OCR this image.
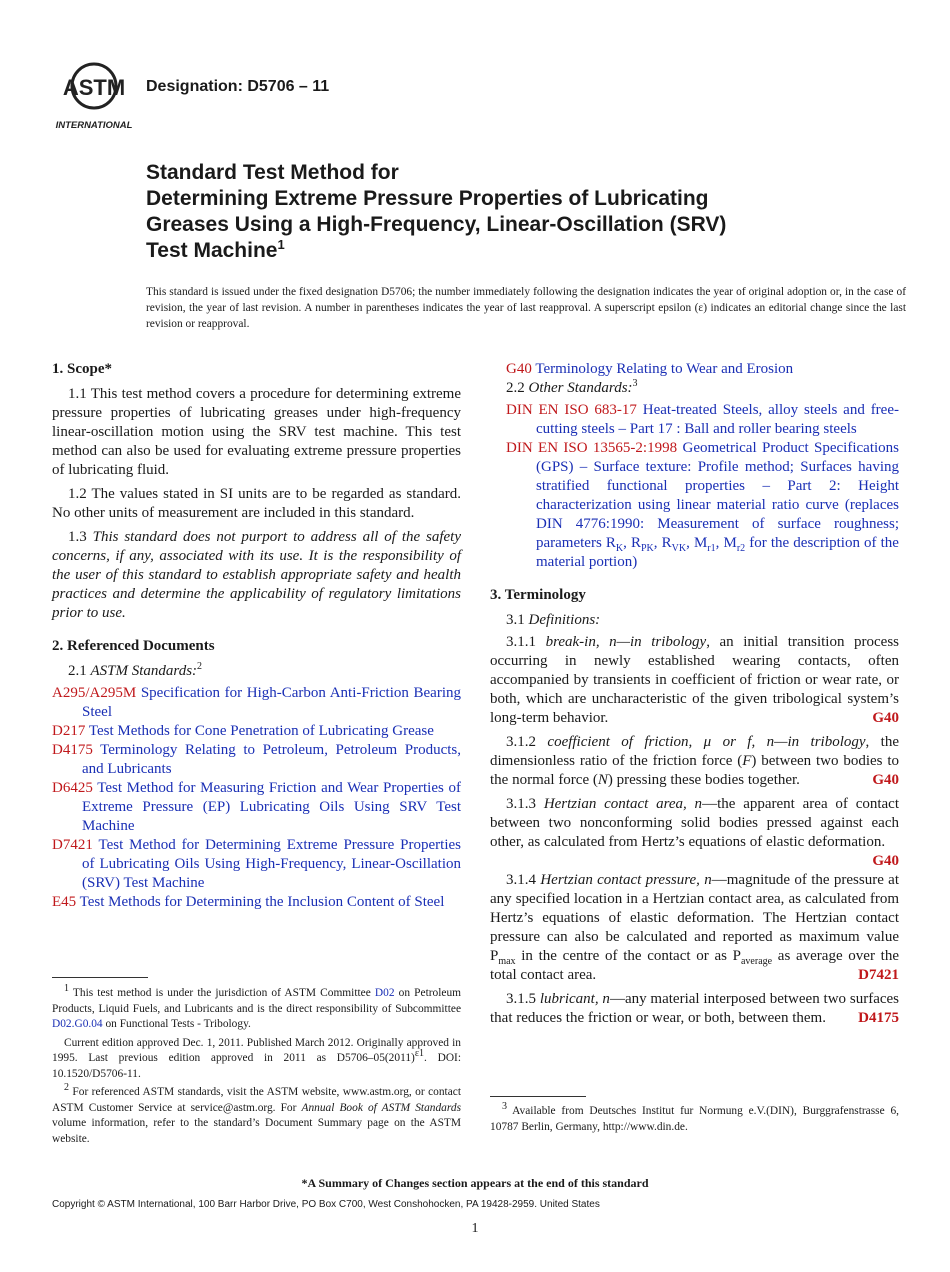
ASTM
INTERNATIONAL
Designation: D5706 – 11
Standard Test Method for
Determining Extreme Pressure Properties of Lubricating
Greases Using a High-Frequency, Linear-Oscillation (SRV)
Test Machine$^1$
This standard is issued under the fixed designation D5706; the number immediately following the designation indicates the year of original adoption or, in the case of revision, the year of last revision. A number in parentheses indicates the year of last reapproval. A superscript epsilon (ε) indicates an editorial change since the last revision or reapproval.
1. Scope*

1.1 This test method covers a procedure for determining extreme pressure properties of lubricating greases under high-frequency linear-oscillation motion using the SRV test machine. This test method can also be used for evaluating extreme pressure properties of lubricating fluid.

1.2 The values stated in SI units are to be regarded as standard. No other units of measurement are included in this standard.

1.3 This standard does not purport to address all of the safety concerns, if any, associated with its use. It is the responsibility of the user of this standard to establish appropriate safety and health practices and determine the applicability of regulatory limitations prior to use.

2. Referenced Documents

2.1 ASTM Standards:$^2$

A295/A295M Specification for High-Carbon Anti-Friction Bearing Steel

D217 Test Methods for Cone Penetration of Lubricating Grease

D4175 Terminology Relating to Petroleum, Petroleum Products, and Lubricants

D6425 Test Method for Measuring Friction and Wear Properties of Extreme Pressure (EP) Lubricating Oils Using SRV Test Machine

D7421 Test Method for Determining Extreme Pressure Properties of Lubricating Oils Using High-Frequency, Linear-Oscillation (SRV) Test Machine

E45 Test Methods for Determining the Inclusion Content of Steel

$^1$ This test method is under the jurisdiction of ASTM Committee D02 on Petroleum Products, Liquid Fuels, and Lubricants and is the direct responsibility of Subcommittee D02.G0.04 on Functional Tests - Tribology.

Current edition approved Dec. 1, 2011. Published March 2012. Originally approved in 1995. Last previous edition approved in 2011 as $D5706-05(2011)^{\varepsilon 1}$. DOI: 10.1520/D5706-11.

$^2$ For referenced ASTM standards, visit the ASTM website, www.astm.org, or contact ASTM Customer Service at service@astm.org. For Annual Book of ASTM Standards volume information, refer to the standard’s Document Summary page on the ASTM website.

G40 Terminology Relating to Wear and Erosion

2.2 Other Standards:$^3$

DIN EN ISO 683-17 Heat-treated Steels, alloy steels and free-cutting steels – Part 17 : Ball and roller bearing steels

DIN EN ISO 13565-2:1998 Geometrical Product Specifications (GPS) – Surface texture: Profile method; Surfaces having stratified functional properties – Part 2: Height characterization using linear material ratio curve (replaces DIN 4776:1990: Measurement of surface roughness; parameters $R_K$, $R_{PK}$, $R_{VK}$, $M_{r1}$, $M_{r2}$ for the description of the material portion)

3. Terminology

3.1 Definitions:

3.1.1 break-in, n—in tribology, an initial transition process occurring in newly established wearing contacts, often accompanied by transients in coefficient of friction or wear rate, or both, which are uncharacteristic of the given tribological system’s long-term behavior.	G40

3.1.2 coefficient of friction, μ or f, n—in tribology, the dimensionless ratio of the friction force (F) between two bodies to the normal force (N) pressing these bodies together.	G40

3.1.3 Hertzian contact area, n—the apparent area of contact between two nonconforming solid bodies pressed against each other, as calculated from Hertz’s equations of elastic deformation.
G40

3.1.4 Hertzian contact pressure, n—magnitude of the pressure at any specified location in a Hertzian contact area, as calculated from Hertz’s equations of elastic deformation. The Hertzian contact pressure can also be calculated and reported as maximum value $P_{max}$ in the centre of the contact or as $P_{average}$ as average over the total contact area.	D7421

3.1.5 lubricant, n—any material interposed between two surfaces that reduces the friction or wear, or both, between them.	D4175

$^3$ Available from Deutsches Institut fur Normung e.V.(DIN), Burggrafenstrasse 6, 10787 Berlin, Germany, http://www.din.de.

*A Summary of Changes section appears at the end of this standard
Copyright © ASTM International, 100 Barr Harbor Drive, PO Box C700, West Conshohocken, PA 19428-2959. United States
1
